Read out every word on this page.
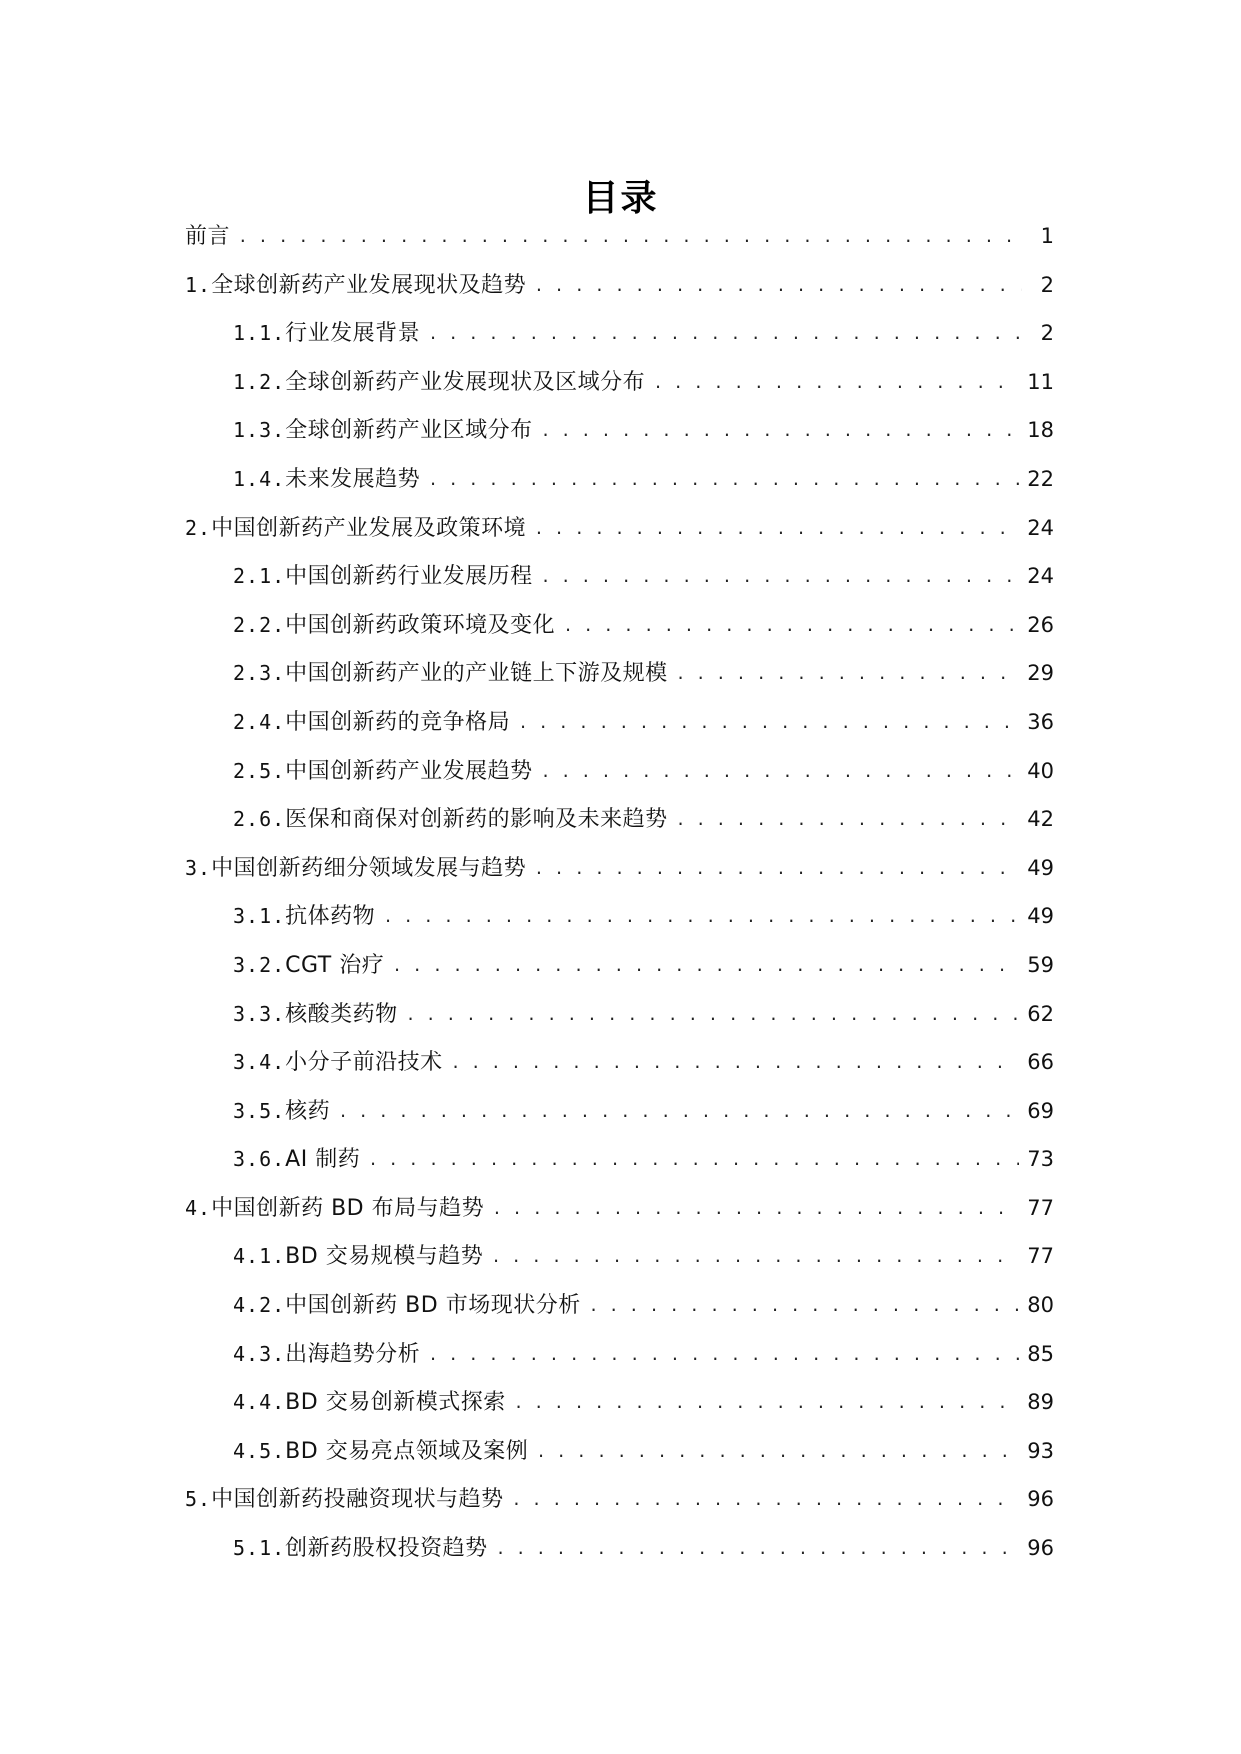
目录
前言 . . .	1
1. 全球创新药产业发展现状及趋势 . . .	2
1.1. 行业发展背景 . . .	2
1.2. 全球创新药产业发展现状及区域分布 . . .	11
1.3. 全球创新药产业区域分布 . . .	18
1.4. 未来发展趋势 . . .	22
2. 中国创新药产业发展及政策环境 . . .	24
2.1. 中国创新药行业发展历程 . . .	24
2.2. 中国创新药政策环境及变化 . . .	26
2.3. 中国创新药产业的产业链上下游及规模 . . .	29
2.4. 中国创新药的竞争格局 . . .	36
2.5. 中国创新药产业发展趋势 . . .	40
2.6. 医保和商保对创新药的影响及未来趋势 . . .	42
3. 中国创新药细分领域发展与趋势 . . .	49
3.1. 抗体药物 . . .	49
3.2. CGT 治疗 . . .	59
3.3. 核酸类药物 . . .	62
3.4. 小分子前沿技术 . . .	66
3.5. 核药 . . .	69
3.6. AI 制药 . . .	73
4. 中国创新药 BD 布局与趋势 . . .	77
4.1. BD 交易规模与趋势 . . .	77
4.2. 中国创新药 BD 市场现状分析 . . .	80
4.3. 出海趋势分析 . . .	85
4.4. BD 交易创新模式探索 . . .	89
4.5. BD 交易亮点领域及案例 . . .	93
5. 中国创新药投融资现状与趋势 . . .	96
5.1. 创新药股权投资趋势 . . .	96
